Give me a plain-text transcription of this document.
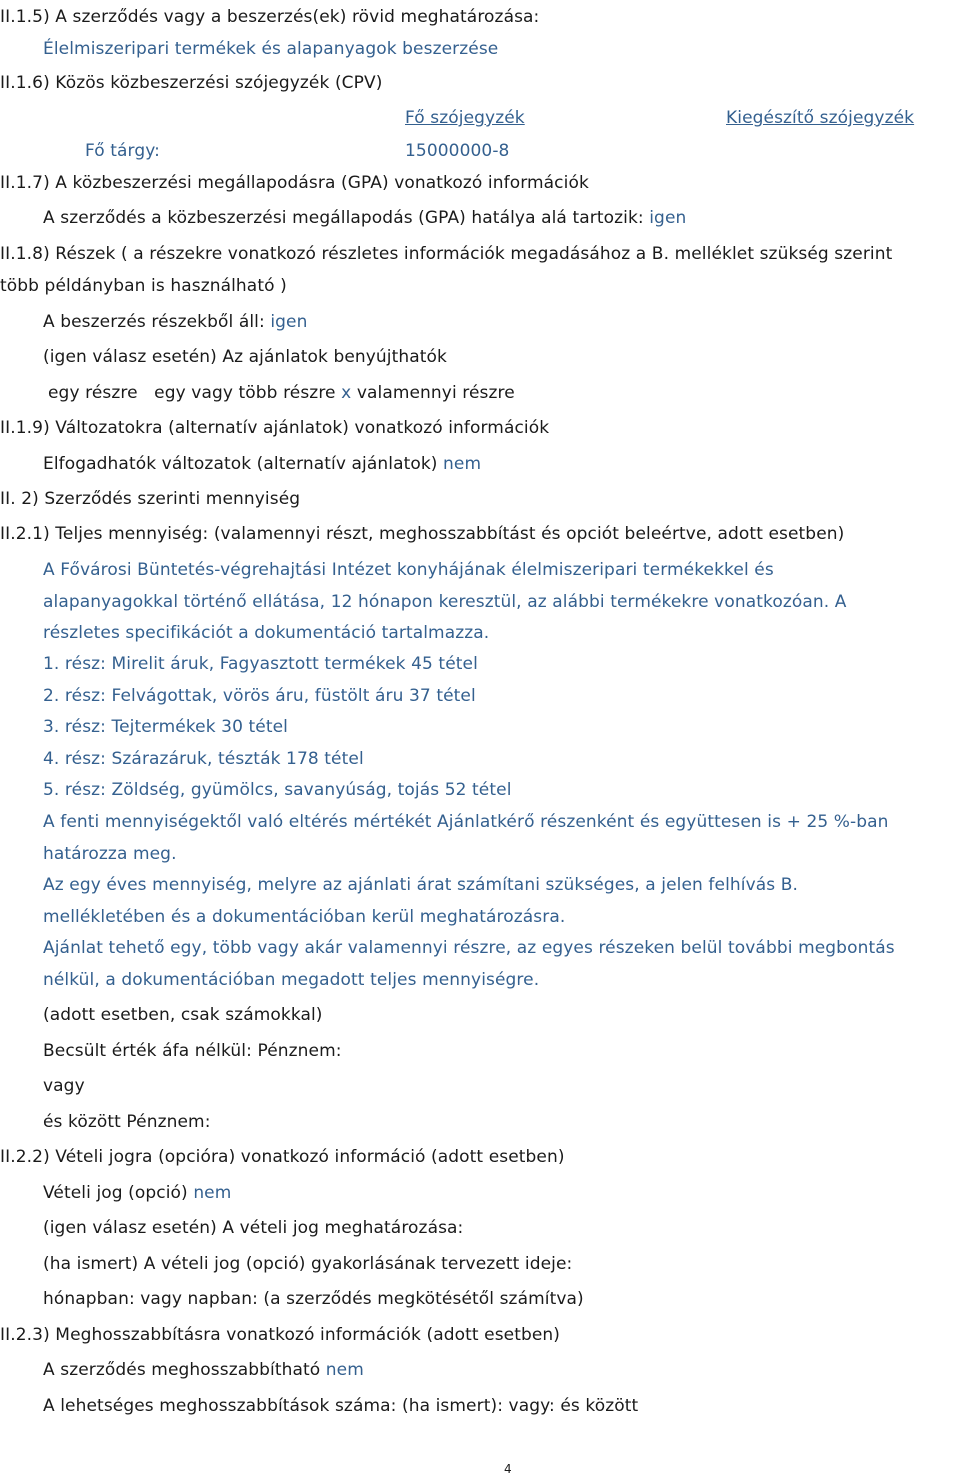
II.1.5) A szerződés vagy a beszerzés(ek) rövid meghatározása:
Élelmiszeripari termékek és alapanyagok beszerzése
II.1.6) Közös közbeszerzési szójegyzék (CPV)
Fő szójegyzék	Kiegészítő szójegyzék
Fő tárgy:	15000000-8
II.1.7) A közbeszerzési megállapodásra (GPA) vonatkozó információk
A szerződés a közbeszerzési megállapodás (GPA) hatálya alá tartozik: igen
II.1.8) Részek ( a részekre vonatkozó részletes információk megadásához a B. melléklet szükség szerint
több példányban is használható )
A beszerzés részekből áll: igen
(igen válasz esetén) Az ajánlatok benyújthatók
egy részre egy vagy több részre x valamennyi részre
II.1.9) Változatokra (alternatív ajánlatok) vonatkozó információk
Elfogadhatók változatok (alternatív ajánlatok) nem
II. 2) Szerződés szerinti mennyiség
II.2.1) Teljes mennyiség: (valamennyi részt, meghosszabbítást és opciót beleértve, adott esetben)
A Fővárosi Büntetés-végrehajtási Intézet konyhájának élelmiszeripari termékekkel és
alapanyagokkal történő ellátása, 12 hónapon keresztül, az alábbi termékekre vonatkozóan. A
részletes specifikációt a dokumentáció tartalmazza.
1. rész: Mirelit áruk, Fagyasztott termékek 45 tétel
2. rész: Felvágottak, vörös áru, füstölt áru 37 tétel
3. rész: Tejtermékek 30 tétel
4. rész: Szárazáruk, tészták 178 tétel
5. rész: Zöldség, gyümölcs, savanyúság, tojás 52 tétel
A fenti mennyiségektől való eltérés mértékét Ajánlatkérő részenként és együttesen is + 25 %-ban
határozza meg.
Az egy éves mennyiség, melyre az ajánlati árat számítani szükséges, a jelen felhívás B.
mellékletében és a dokumentációban kerül meghatározásra.
Ajánlat tehető egy, több vagy akár valamennyi részre, az egyes részeken belül további megbontás
nélkül, a dokumentációban megadott teljes mennyiségre.
(adott esetben, csak számokkal)
Becsült érték áfa nélkül: Pénznem:
vagy
és között Pénznem:
II.2.2) Vételi jogra (opcióra) vonatkozó információ (adott esetben)
Vételi jog (opció) nem
(igen válasz esetén) A vételi jog meghatározása:
(ha ismert) A vételi jog (opció) gyakorlásának tervezett ideje:
hónapban: vagy napban: (a szerződés megkötésétől számítva)
II.2.3) Meghosszabbításra vonatkozó információk (adott esetben)
A szerződés meghosszabbítható nem
A lehetséges meghosszabbítások száma: (ha ismert): vagy: és között
4
